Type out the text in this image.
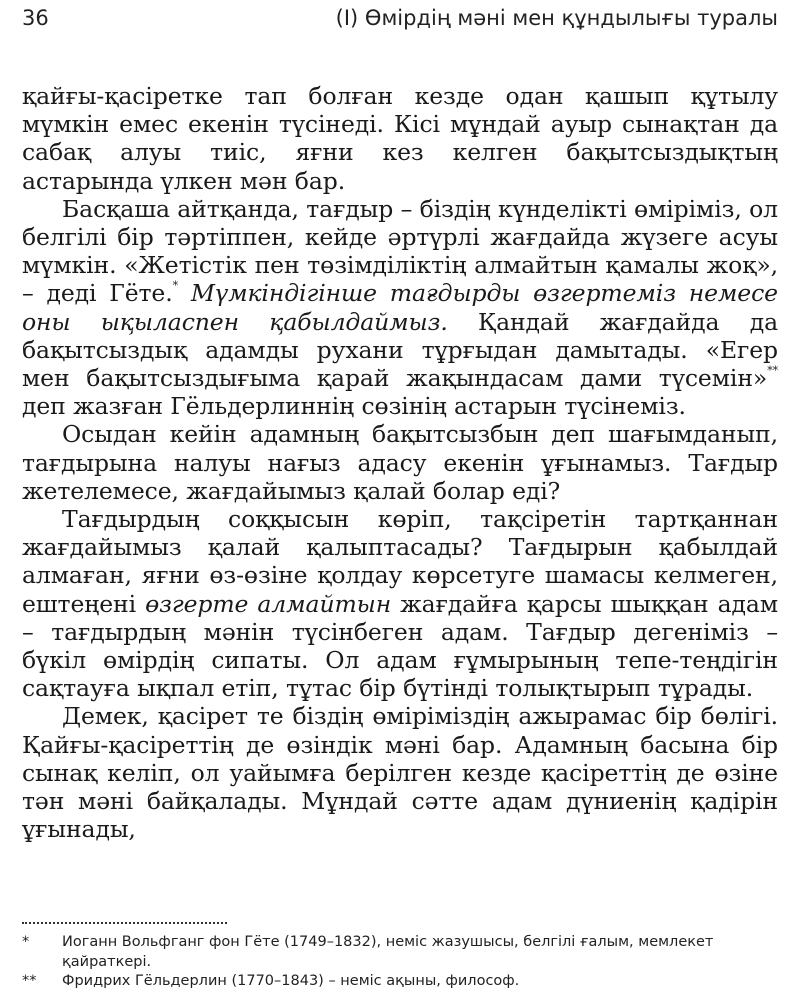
36	(I) Өмірдің мәні мен құндылығы туралы

қайғы-қасіретке тап болған кезде одан қашып құтылу мүмкін емес екенін түсінеді. Кісі мұндай ауыр сынақтан да сабақ алуы тиіс, яғни кез келген бақытсыздықтың астарында үлкен мән бар.

Басқаша айтқанда, тағдыр – біздің күнделікті өміріміз, ол белгілі бір тәртіппен, кейде әртүрлі жағдайда жүзеге асуы мүмкін. «Жетістік пен төзімділіктің алмайтын қамалы жоқ», – деді Гёте.* Мүмкіндігінше тағдырды өзгертеміз немесе оны ықыласпен қабылдаймыз. Қандай жағдайда да бақытсыздық адамды рухани тұрғыдан дамытады. «Егер мен бақытсыздығыма қарай жақындасам дами түсемін»** деп жазған Гёльдерлиннің сөзінің астарын түсінеміз.

Осыдан кейін адамның бақытсызбын деп шағымданып, тағдырына налуы нағыз адасу екенін ұғынамыз. Тағдыр жетелемесе, жағдайымыз қалай болар еді?

Тағдырдың соққысын көріп, тақсіретін тартқаннан жағдайымыз қалай қалыптасады? Тағдырын қабылдай алмаған, яғни өз-өзіне қолдау көрсетуге шамасы келмеген, ештеңені өзгерте алмайтын жағдайға қарсы шыққан адам – тағдырдың мәнін түсінбеген адам. Тағдыр дегеніміз – бүкіл өмірдің сипаты. Ол адам ғұмырының тепе-теңдігін сақтауға ықпал етіп, тұтас бір бүтінді толықтырып тұрады.

Демек, қасірет те біздің өміріміздің ажырамас бір бөлігі. Қайғы-қасіреттің де өзіндік мәні бар. Адамның басына бір сынақ келіп, ол уайымға берілген кезде қасіреттің де өзіне тән мәні байқалады. Мұндай сәтте адам дүниенің қадірін ұғынады,

* Иоганн Вольфганг фон Гёте (1749–1832), неміс жазушысы, белгілі ғалым, мемлекет қайраткері.
** Фридрих Гёльдерлин (1770–1843) – неміс ақыны, философ.
